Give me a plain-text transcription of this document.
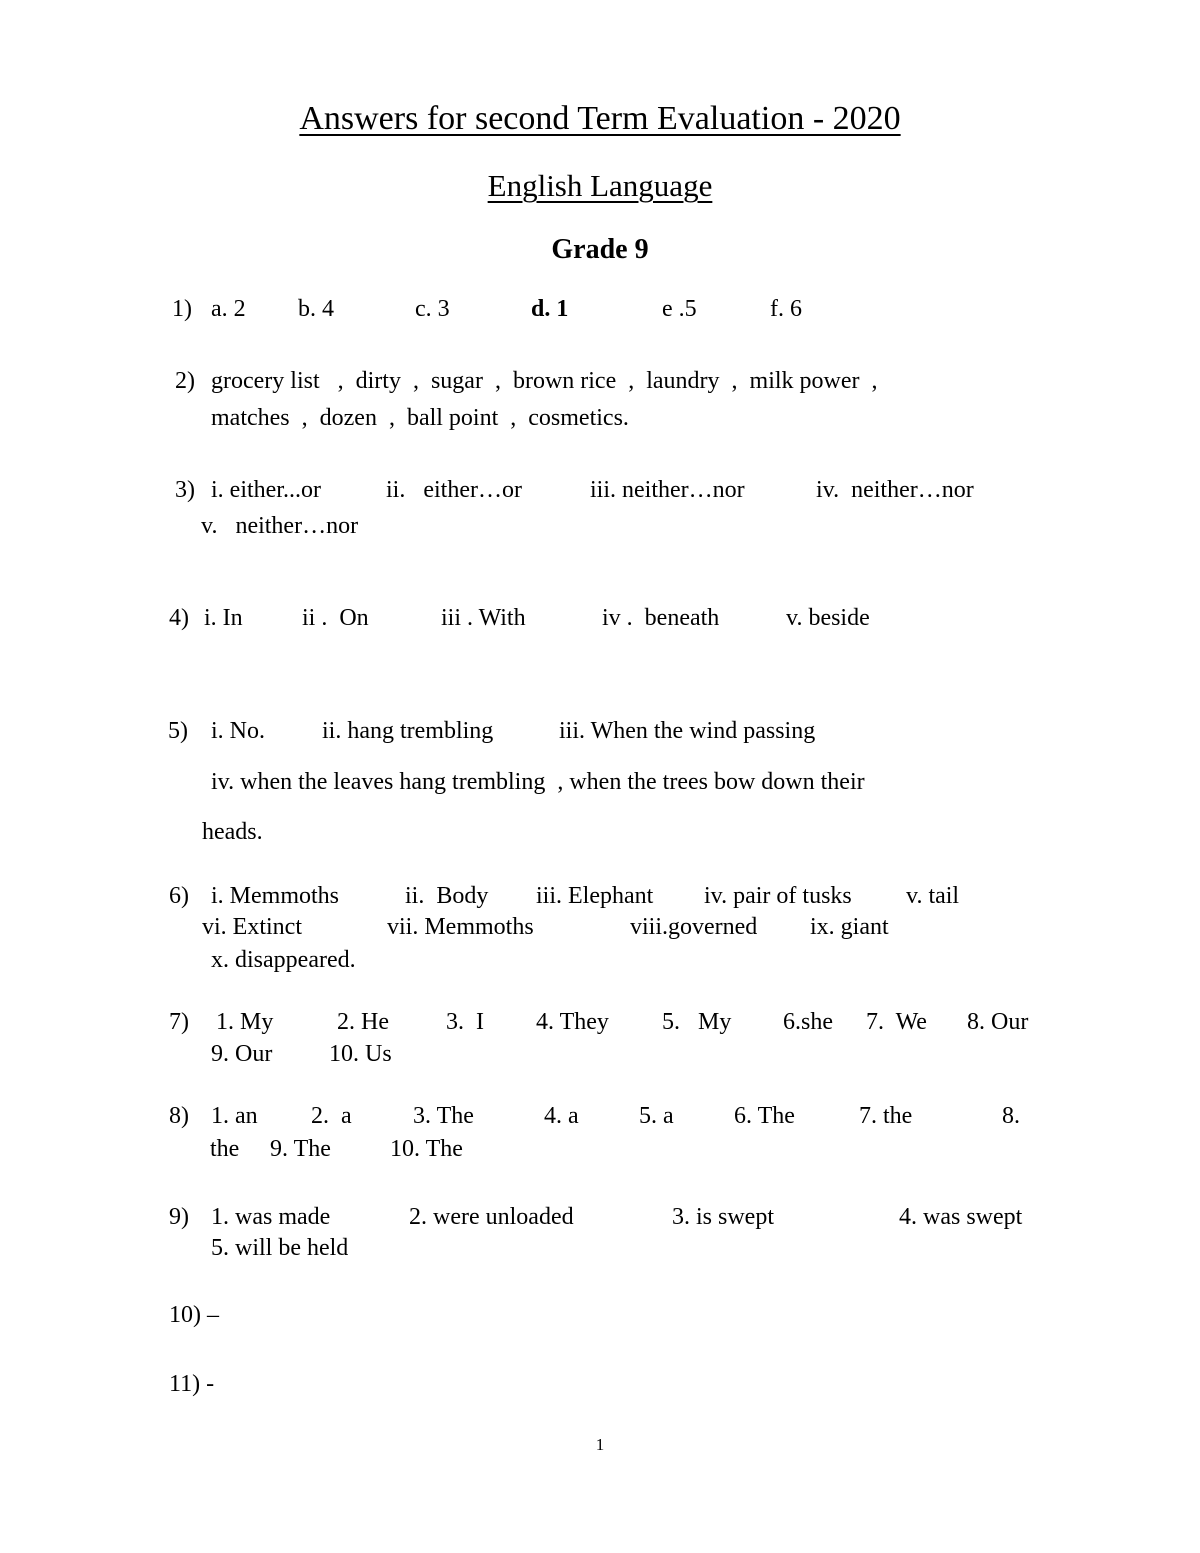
Answers for second Term Evaluation - 2020
English Language
Grade 9
1) a. 2 b. 4	c. 3	d. 1	e .5	f. 6
2) grocery list   ,  dirty  ,  sugar  ,  brown rice  ,  laundry  ,  milk power  ,
matches  ,  dozen  ,  ball point  ,  cosmetics.
3) i. either...or	ii.   either…or	iii. neither…nor	iv.  neither…nor
v.   neither…nor
4) i. In ii .  On	iii . With	iv .  beneath	v. beside
5) i. No. ii. hang trembling	iii. When the wind passing
iv. when the leaves hang trembling  , when the trees bow down their
heads.
6) i. Memmoths	ii.  Body iii. Elephant iv. pair of tusks v. tail
vi. Extinct	vii. Memmoths	viii.governed ix. giant
x. disappeared.
7) 1. My	2. He 3.  I 4. They 5.   My 6.she 7.  We 8. Our
9. Our 10. Us
8) 1. an 2.  a	3. The	4. a	5. a	6. The	7. the	8.
the 9. The 10. The
9) 1. was made	2. were unloaded	3. is swept	4. was swept
5. will be held
10) –
11) -
1
